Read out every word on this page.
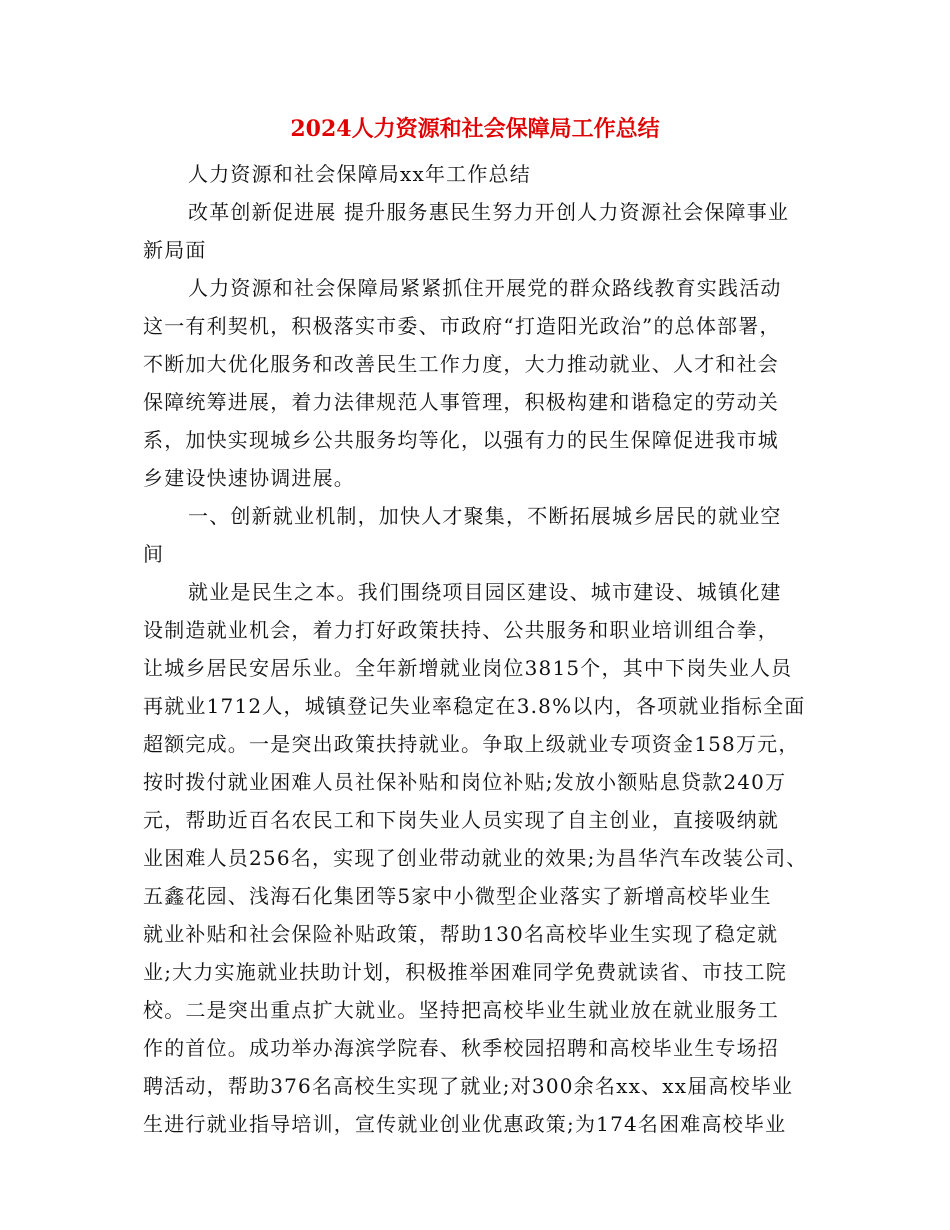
2024人力资源和社会保障局工作总结
人力资源和社会保障局xx年工作总结
改革创新促进展 提升服务惠民生努力开创人力资源社会保障事业
新局面
人力资源和社会保障局紧紧抓住开展党的群众路线教育实践活动
这一有利契机，积极落实市委、市政府“打造阳光政治”的总体部署，
不断加大优化服务和改善民生工作力度，大力推动就业、人才和社会
保障统筹进展，着力法律规范人事管理，积极构建和谐稳定的劳动关
系，加快实现城乡公共服务均等化，以强有力的民生保障促进我市城
乡建设快速协调进展。
一、创新就业机制，加快人才聚集，不断拓展城乡居民的就业空
间
就业是民生之本。我们围绕项目园区建设、城市建设、城镇化建
设制造就业机会，着力打好政策扶持、公共服务和职业培训组合拳，
让城乡居民安居乐业。全年新增就业岗位3815个，其中下岗失业人员
再就业1712人，城镇登记失业率稳定在3.8%以内，各项就业指标全面
超额完成。一是突出政策扶持就业。争取上级就业专项资金158万元，
按时拨付就业困难人员社保补贴和岗位补贴;发放小额贴息贷款240万
元，帮助近百名农民工和下岗失业人员实现了自主创业，直接吸纳就
业困难人员256名，实现了创业带动就业的效果;为昌华汽车改装公司、
五鑫花园、浅海石化集团等5家中小微型企业落实了新增高校毕业生
就业补贴和社会保险补贴政策，帮助130名高校毕业生实现了稳定就
业;大力实施就业扶助计划，积极推举困难同学免费就读省、市技工院
校。二是突出重点扩大就业。坚持把高校毕业生就业放在就业服务工
作的首位。成功举办海滨学院春、秋季校园招聘和高校毕业生专场招
聘活动，帮助376名高校生实现了就业;对300余名xx、xx届高校毕业
生进行就业指导培训，宣传就业创业优惠政策;为174名困难高校毕业
